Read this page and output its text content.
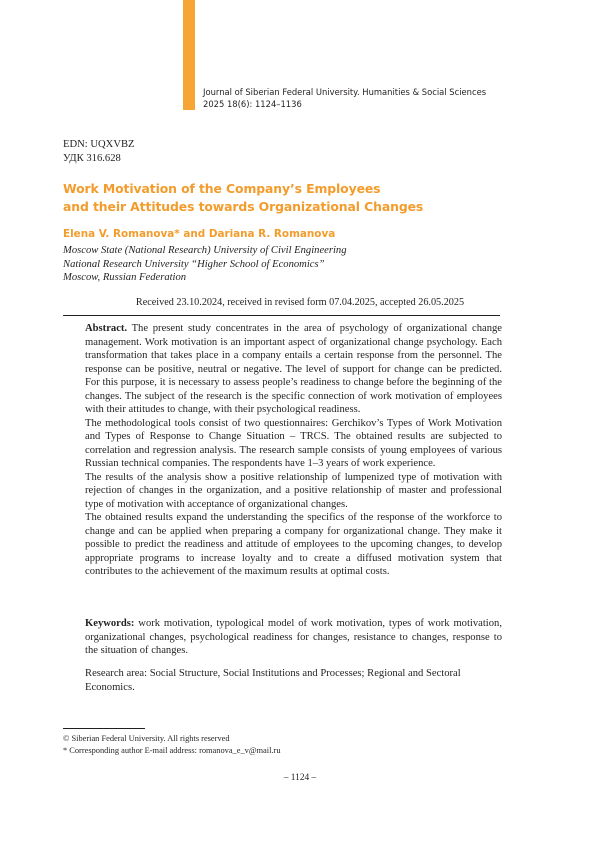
Journal of Siberian Federal University. Humanities & Social Sciences
2025 18(6): 1124–1136
EDN: UQXVBZ
УДК 316.628
Work Motivation of the Company’s Employees
and their Attitudes towards Organizational Changes
Elena V. Romanova* and Dariana R. Romanova
Moscow State (National Research) University of Civil Engineering
National Research University “Higher School of Economics”
Moscow, Russian Federation
Received 23.10.2024, received in revised form 07.04.2025, accepted 26.05.2025

Abstract. The present study concentrates in the area of psychology of organizational change management. Work motivation is an important aspect of organizational change psychology. Each transformation that takes place in a company entails a certain response from the personnel. The response can be positive, neutral or negative. The level of support for change can be predicted. For this purpose, it is necessary to assess people’s readiness to change before the beginning of the changes. The subject of the research is the specific connection of work motivation of employees with their attitudes to change, with their psychological readiness.

The methodological tools consist of two questionnaires: Gerchikov’s Types of Work Motivation and Types of Response to Change Situation – TRCS. The obtained results are subjected to correlation and regression analysis. The research sample consists of young employees of various Russian technical companies. The respondents have 1–3 years of work experience.

The results of the analysis show a positive relationship of lumpenized type of motivation with rejection of changes in the organization, and a positive relationship of master and professional type of motivation with acceptance of organizational changes.

The obtained results expand the understanding the specifics of the response of the workforce to change and can be applied when preparing a company for organizational change. They make it possible to predict the readiness and attitude of employees to the upcoming changes, to develop appropriate programs to increase loyalty and to create a diffused motivation system that contributes to the achievement of the maximum results at optimal costs.

Keywords: work motivation, typological model of work motivation, types of work motivation, organizational changes, psychological readiness for changes, resistance to changes, response to the situation of changes.
Research area: Social Structure, Social Institutions and Processes; Regional and Sectoral Economics.
© Siberian Federal University. All rights reserved
* Corresponding author E-mail address: romanova_e_v@mail.ru
– 1124 –
